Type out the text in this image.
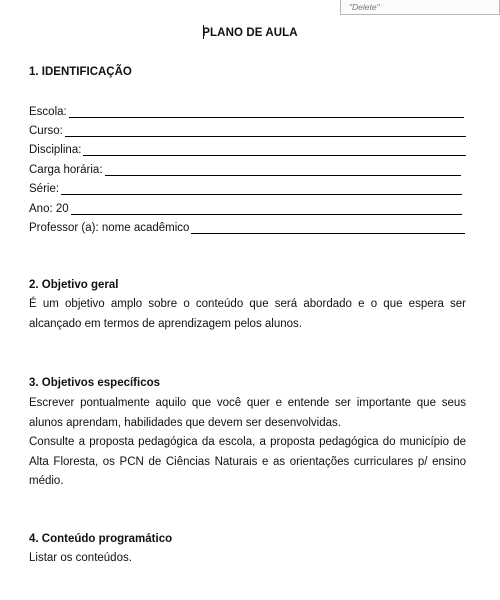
"Delete"
PLANO DE AULA
1. IDENTIFICAÇÃO
Escola:
Curso:
Disciplina:
Carga horária:
Série:
Ano: 20
Professor (a): nome acadêmico
2. Objetivo geral
É um objetivo amplo sobre o conteúdo que será abordado e o que espera ser alcançado em termos de aprendizagem pelos alunos.
3. Objetivos específicos
Escrever pontualmente aquilo que você quer e entende ser importante que seus alunos aprendam, habilidades que devem ser desenvolvidas.
Consulte a proposta pedagógica da escola, a proposta pedagógica do município de Alta Floresta, os PCN de Ciências Naturais e as orientações curriculares p/ ensino médio.
4. Conteúdo programático
Listar os conteúdos.
